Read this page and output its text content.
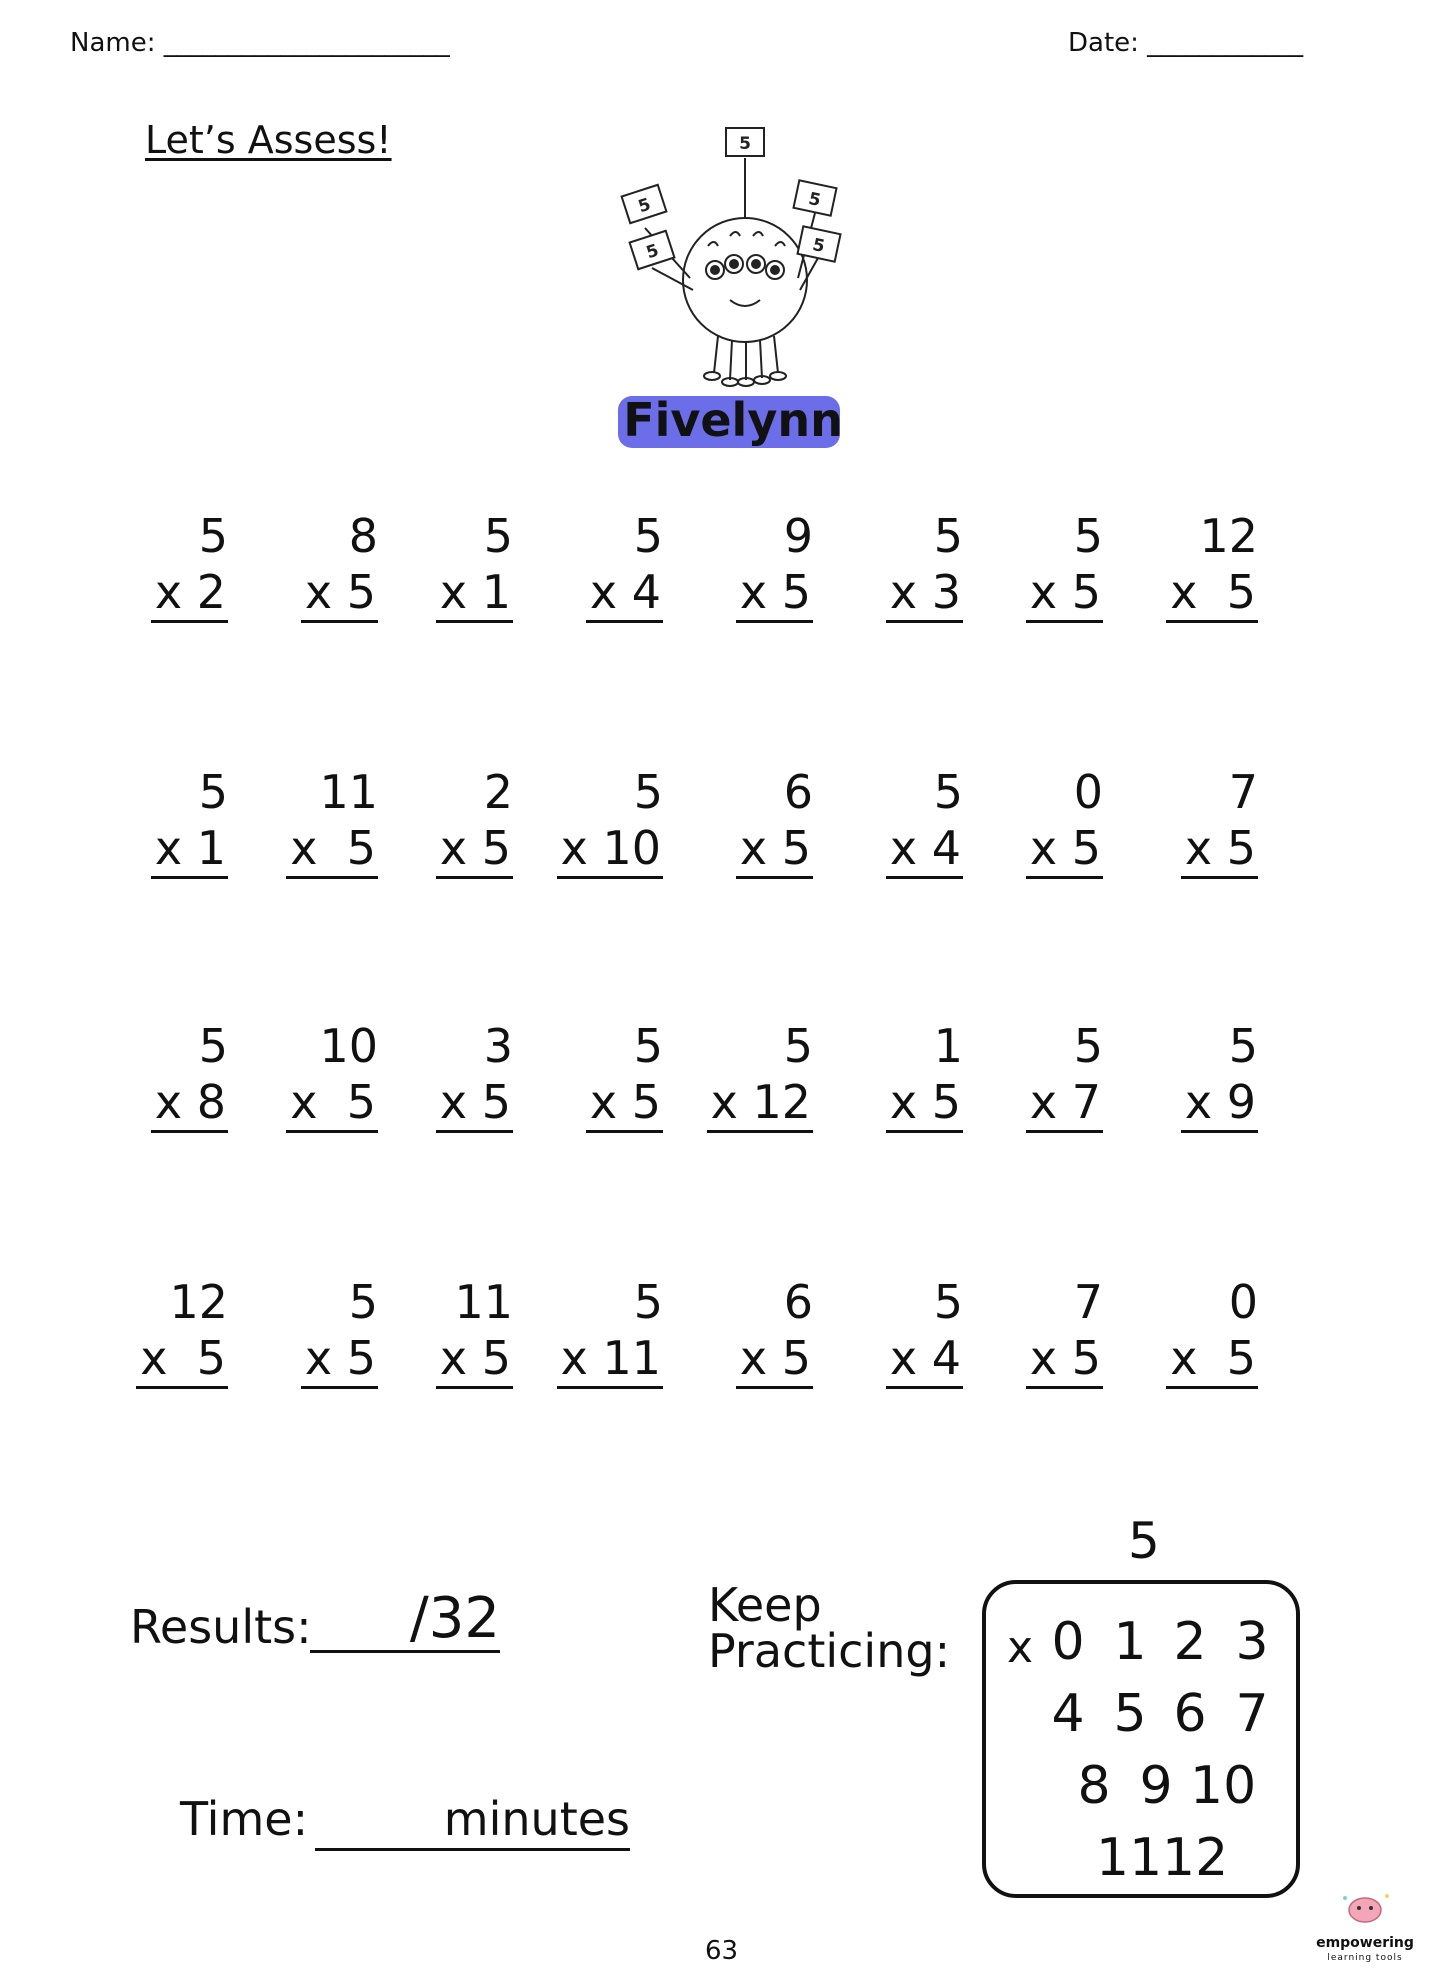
Name: ______________________	Date: ____________
Let’s Assess!
5
5
5
5
5
Fivelynn
5
x 2
8
x 5
5
x 1
5
x 4
9
x 5
5
x 3
5
x 5
12
x  5
5
x 1
11
x  5
2
x 5
5
x 10
6
x 5
5
x 4
0
x 5
7
x 5
5
x 8
10
x  5
3
x 5
5
x 5
5
x 12
1
x 5
5
x 7
5
x 9
12
x  5
5
x 5
11
x 5
5
x 11
6
x 5
5
x 4
7
x 5
0
x  5
Results: /32
Time:	minutes
Keep
Practicing:
5
x 0 1 2 3
4 5 6 7
8 9 10
11 12
63	empowering
learning tools
